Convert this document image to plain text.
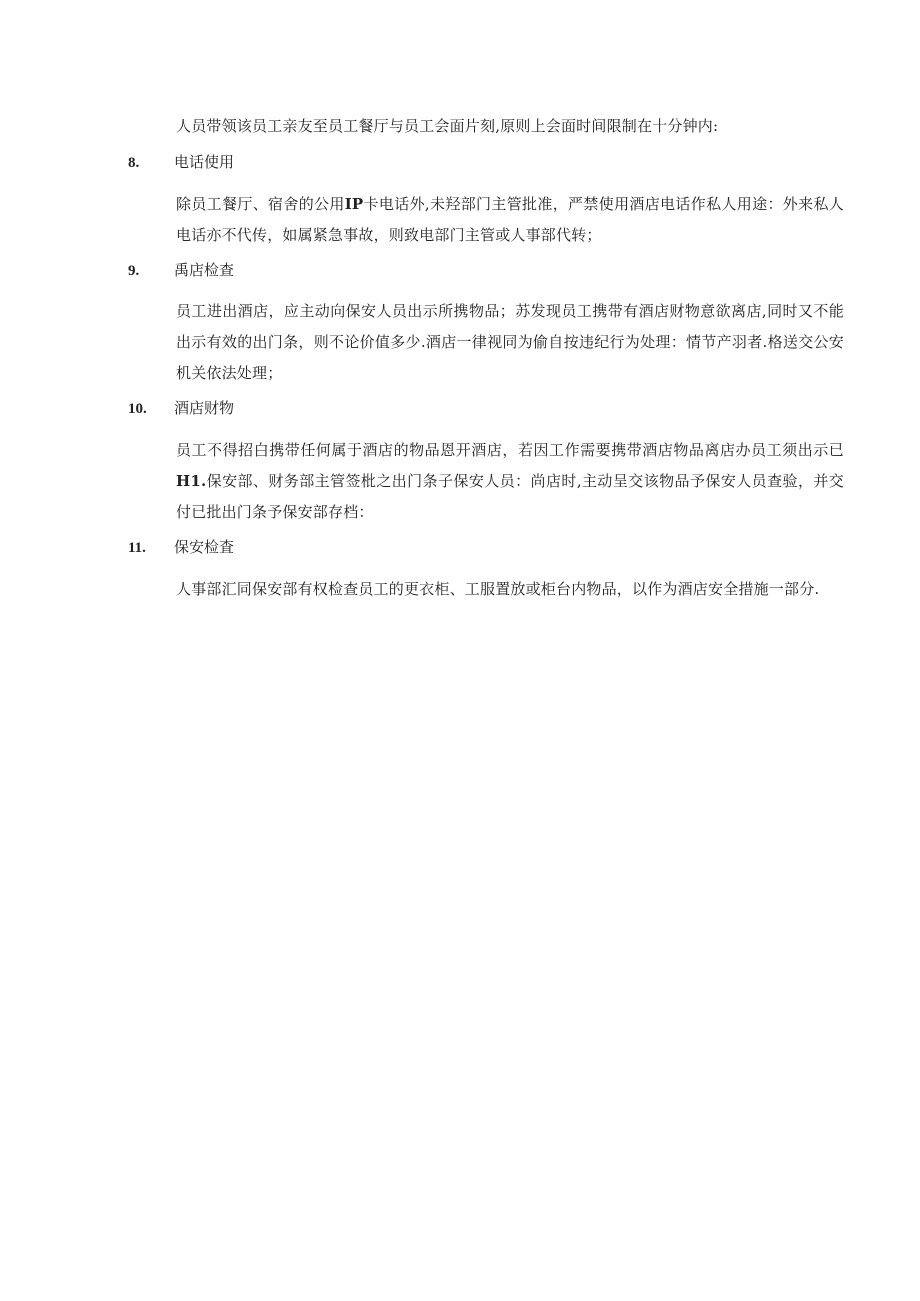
人员带领该员工亲友至员工餐厅与员工会面片刻,原则上会面时间限制在十分钟内:
8. 电话使用
除员工餐厅、宿舍的公用IP卡电话外,未羟部门主管批准，严禁使用酒店电话作私人用途：外来私人电话亦不代传，如属紧急事故，则致电部门主管或人事部代转；
9. 禹店检查
员工进出酒店，应主动向保安人员出示所携物品；苏发现员工携带有酒店财物意欲离店,同时又不能出示有效的出门条，则不论价值多少.酒店一律视同为偷自按违纪行为处理：情节产羽者.格送交公安机关依法处理；
10. 酒店财物
员工不得招白携带任何属于酒店的物品恩开酒店，若因工作需要携带酒店物品离店办员工须出示已H1.保安部、财务部主管签枇之出门条子保安人员：尚店时,主动呈交该物品予保安人员查验，并交付已批出门条予保安部存档：
11. 保安检査
人事部汇同保安部有权检查员工的更衣柜、工服置放或柜台内物品，以作为酒店安全措施一部分.
